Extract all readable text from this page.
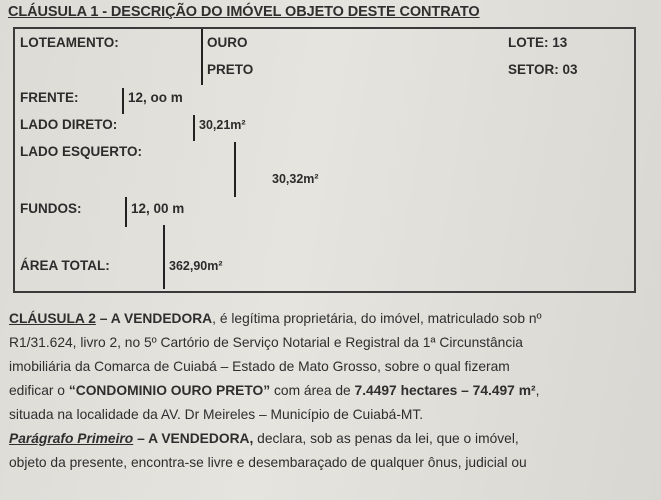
CLÁUSULA 1 - DESCRIÇÃO DO IMÓVEL OBJETO DESTE CONTRATO
LOTEAMENTO:	OURO
PRETO
LOTE: 13
SETOR: 03
FRENTE:	12, oo m
LADO DIRETO:	30,21m²
LADO ESQUERTO:
30,32m²
FUNDOS:	12, 00 m
ÁREA TOTAL:	362,90m²
CLÁUSULA 2 – A VENDEDORA, é legítima proprietária, do imóvel, matriculado sob nº
R1/31.624, livro 2, no 5º Cartório de Serviço Notarial e Registral da 1ª Circunstância
imobiliária da Comarca de Cuiabá – Estado de Mato Grosso, sobre o qual fizeram
edificar o “CONDOMINIO OURO PRETO” com área de 7.4497 hectares – 74.497 m²,
situada na localidade da AV. Dr Meireles – Município de Cuiabá-MT.
Parágrafo Primeiro – A VENDEDORA, declara, sob as penas da lei, que o imóvel,
objeto da presente, encontra-se livre e desembaraçado de qualquer ônus, judicial ou
